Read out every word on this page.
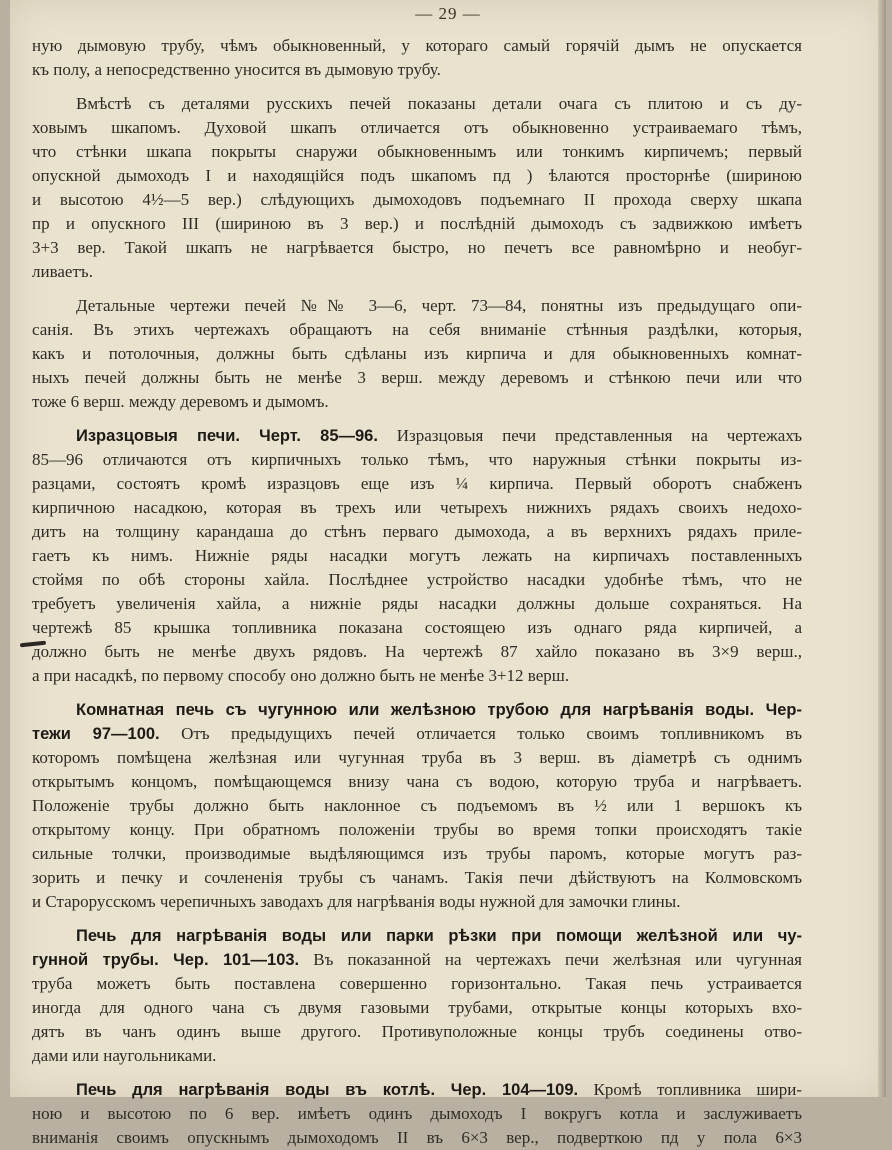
— 29 —
ную дымовую трубу, чѣмъ обыкновенный, у котораго самый горячій дымъ не опускается
къ полу, а непосредственно уносится въ дымовую трубу.
Вмѣстѣ съ деталями русскихъ печей показаны детали очага съ плитою и съ ду-
ховымъ шкапомъ. Духовой шкапъ отличается отъ обыкновенно устраиваемаго тѣмъ,
что стѣнки шкапа покрыты снаружи обыкновеннымъ или тонкимъ кирпичемъ; первый
опускной дымоходъ I и находящійся подъ шкапомъ пд ) ѣлаются просторнѣе (шириною
и высотою 4½—5 вер.) слѣдующихъ дымоходовъ подъемнаго II прохода сверху шкапа
пр и опускного III (шириною въ 3 вер.) и послѣдній дымоходъ съ задвижкою имѣетъ
3+3 вер. Такой шкапъ не нагрѣвается быстро, но печетъ все равномѣрно и необуг-
ливаетъ.
Детальные чертежи печей №№ 3—6, черт. 73—84, понятны изъ предыдущаго опи-
санія. Въ этихъ чертежахъ обращаютъ на себя вниманіе стѣнныя раздѣлки, которыя,
какъ и потолочныя, должны быть сдѣланы изъ кирпича и для обыкновенныхъ комнат-
ныхъ печей должны быть не менѣе 3 верш. между деревомъ и стѣнкою печи или что
тоже 6 верш. между деревомъ и дымомъ.
Изразцовыя печи. Черт. 85—96. Изразцовыя печи представленныя на чертежахъ
85—96 отличаются отъ кирпичныхъ только тѣмъ, что наружныя стѣнки покрыты из-
разцами, состоятъ кромѣ изразцовъ еще изъ ¼ кирпича. Первый оборотъ снабженъ
кирпичною насадкою, которая въ трехъ или четырехъ нижнихъ рядахъ своихъ недохо-
дитъ на толщину карандаша до стѣнъ перваго дымохода, а въ верхнихъ рядахъ приле-
гаетъ къ нимъ. Нижніе ряды насадки могутъ лежать на кирпичахъ поставленныхъ
стоймя по обѣ стороны хайла. Послѣднее устройство насадки удобнѣе тѣмъ, что не
требуетъ увеличенія хайла, а нижніе ряды насадки должны дольше сохраняться. На
чертежѣ 85 крышка топливника показана состоящею изъ однаго ряда кирпичей, а
должно быть не менѣе двухъ рядовъ. На чертежѣ 87 хайло показано въ 3×9 верш.,
а при насадкѣ, по первому способу оно должно быть не менѣе 3+12 верш.
Комнатная печь съ чугунною или желѣзною трубою для нагрѣванія воды. Чер-
тежи 97—100. Отъ предыдущихъ печей отличается только своимъ топливникомъ въ
которомъ помѣщена желѣзная или чугунная труба въ 3 верш. въ діаметрѣ съ однимъ
открытымъ концомъ, помѣщающемся внизу чана съ водою, которую труба и нагрѣваетъ.
Положеніе трубы должно быть наклонное съ подъемомъ въ ½ или 1 вершокъ къ
открытому концу. При обратномъ положеніи трубы во время топки происходятъ такіе
сильные толчки, производимые выдѣляющимся изъ трубы паромъ, которые могутъ раз-
зорить и печку и сочлененія трубы съ чанамъ. Такія печи дѣйствуютъ на Колмовскомъ
и Старорусскомъ черепичныхъ заводахъ для нагрѣванія воды нужной для замочки глины.
Печь для нагрѣванія воды или парки рѣзки при помощи желѣзной или чу-
гунной трубы. Чер. 101—103. Въ показанной на чертежахъ печи желѣзная или чугунная
труба можетъ быть поставлена совершенно горизонтально. Такая печь устраивается
иногда для одного чана съ двумя газовыми трубами, открытые концы которыхъ вхо-
дятъ въ чанъ одинъ выше другого. Противуположные концы трубъ соединены отво-
дами или наугольниками.
Печь для нагрѣванія воды въ котлѣ. Чер. 104—109. Кромѣ топливника шири-
ною и высотою по 6 вер. имѣетъ одинъ дымоходъ I вокругъ котла и заслуживаетъ
вниманія своимъ опускнымъ дымоходомъ II въ 6×3 вер., подверткою пд у пола 6×3
